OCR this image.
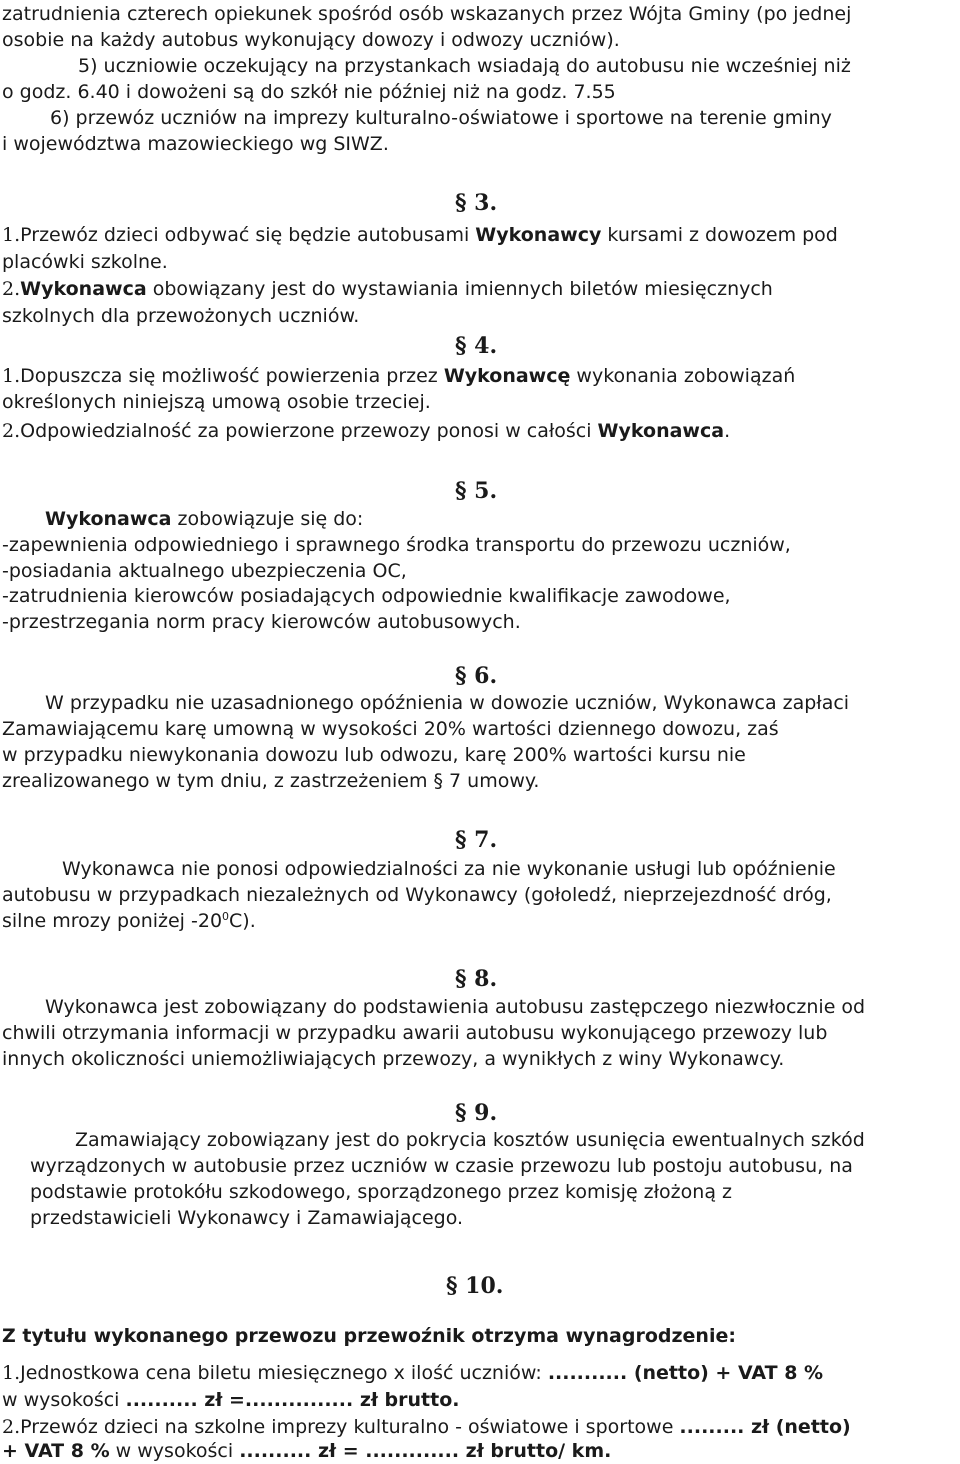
zatrudnienia czterech opiekunek spośród osób wskazanych przez Wójta Gminy (po jednej
osobie na każdy autobus wykonujący dowozy i odwozy uczniów).
5) uczniowie oczekujący na przystankach wsiadają do autobusu nie wcześniej niż
o godz. 6.40 i dowożeni są do szkół nie później niż na godz. 7.55
6) przewóz uczniów na imprezy kulturalno-oświatowe i sportowe na terenie gminy
i województwa mazowieckiego wg SIWZ.
§ 3.
1.Przewóz dzieci odbywać się będzie autobusami Wykonawcy kursami z dowozem pod
placówki szkolne.
2.Wykonawca obowiązany jest do wystawiania imiennych biletów miesięcznych
szkolnych dla przewożonych uczniów.
§ 4.
1.Dopuszcza się możliwość powierzenia przez Wykonawcę wykonania zobowiązań
określonych niniejszą umową osobie trzeciej.
2.Odpowiedzialność za powierzone przewozy ponosi w całości Wykonawca.
§ 5.
Wykonawca zobowiązuje się do:
-zapewnienia odpowiedniego i sprawnego środka transportu do przewozu uczniów,
-posiadania aktualnego ubezpieczenia OC,
-zatrudnienia kierowców posiadających odpowiednie kwalifikacje zawodowe,
-przestrzegania norm pracy kierowców autobusowych.
§ 6.
W przypadku nie uzasadnionego opóźnienia w dowozie uczniów, Wykonawca zapłaci
Zamawiającemu karę umowną w wysokości 20% wartości dziennego dowozu, zaś
w przypadku niewykonania dowozu lub odwozu, karę 200% wartości kursu nie
zrealizowanego w tym dniu, z zastrzeżeniem § 7 umowy.
§ 7.
Wykonawca nie ponosi odpowiedzialności za nie wykonanie usługi lub opóźnienie
autobusu w przypadkach niezależnych od Wykonawcy (gołoledź, nieprzejezdność dróg,
silne mrozy poniżej $-20^0C$).
§ 8.
Wykonawca jest zobowiązany do podstawienia autobusu zastępczego niezwłocznie od
chwili otrzymania informacji w przypadku awarii autobusu wykonującego przewozy lub
innych okoliczności uniemożliwiających przewozy, a wynikłych z winy Wykonawcy.
§ 9.
Zamawiający zobowiązany jest do pokrycia kosztów usunięcia ewentualnych szkód
wyrządzonych w autobusie przez uczniów w czasie przewozu lub postoju autobusu, na
podstawie protokółu szkodowego, sporządzonego przez komisję złożoną z
przedstawicieli Wykonawcy i Zamawiającego.
§ 10.
Z tytułu wykonanego przewozu przewoźnik otrzyma wynagrodzenie:
1.Jednostkowa cena biletu miesięcznego x ilość uczniów: ........... (netto) + VAT 8 %
w wysokości .......... zł =............... zł brutto.
2.Przewóz dzieci na szkolne imprezy kulturalno - oświatowe i sportowe ......... zł (netto)
+ VAT 8 % w wysokości .......... zł = ............. zł brutto/ km.
